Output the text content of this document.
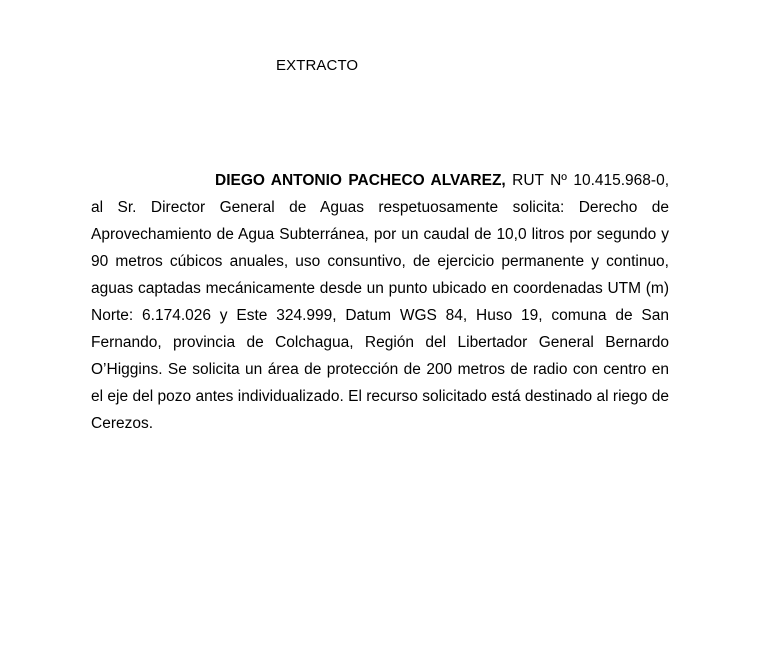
EXTRACTO

DIEGO ANTONIO PACHECO ALVAREZ, RUT Nº 10.415.968-0, al Sr. Director General de Aguas respetuosamente solicita: Derecho de Aprovechamiento de Agua Subterránea, por un caudal de 10,0 litros por segundo y 90 metros cúbicos anuales, uso consuntivo, de ejercicio permanente y continuo, aguas captadas mecánicamente desde un punto ubicado en coordenadas UTM (m) Norte: 6.174.026 y Este 324.999, Datum WGS 84, Huso 19, comuna de San Fernando, provincia de Colchagua, Región del Libertador General Bernardo O’Higgins. Se solicita un área de protección de 200 metros de radio con centro en el eje del pozo antes individualizado. El recurso solicitado está destinado al riego de Cerezos.
